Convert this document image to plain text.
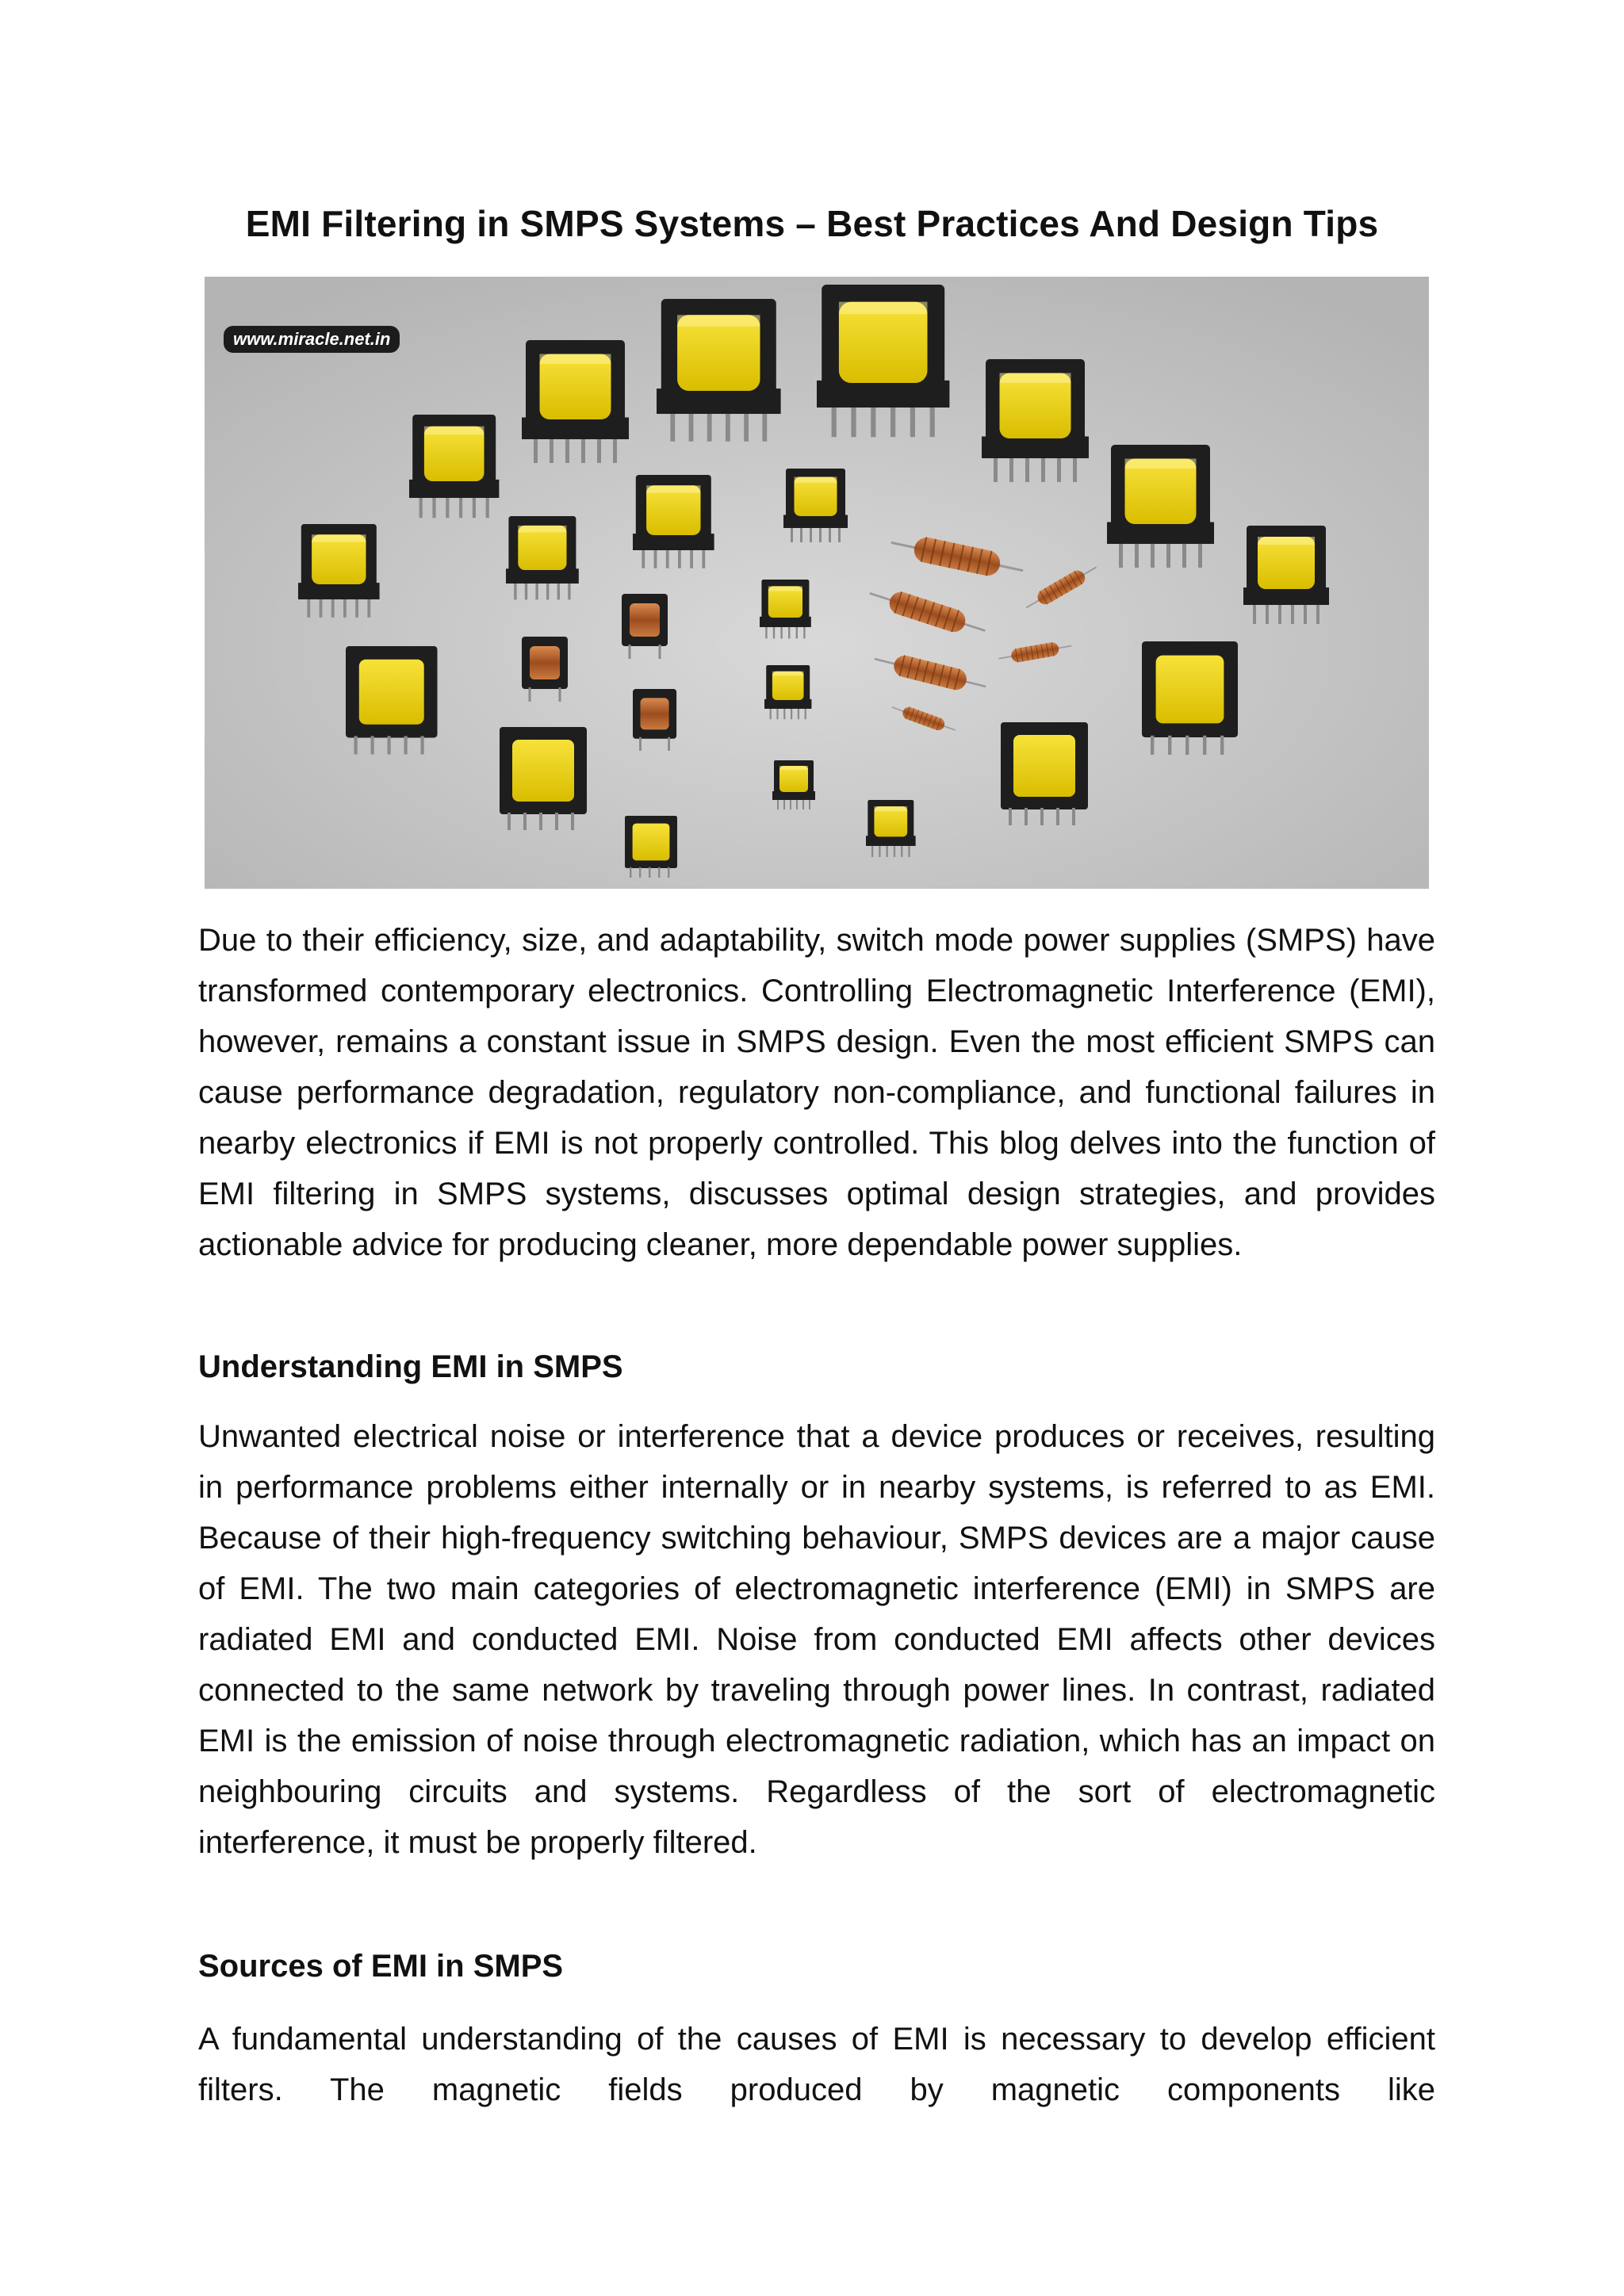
EMI Filtering in SMPS Systems – Best Practices And Design Tips
www.miracle.net.in
Due to their efficiency, size, and adaptability, switch mode power supplies (SMPS) have transformed contemporary electronics. Controlling Electromagnetic Interference (EMI), however, remains a constant issue in SMPS design. Even the most efficient SMPS can cause performance degradation, regulatory non-compliance, and functional failures in nearby electronics if EMI is not properly controlled. This blog delves into the function of EMI filtering in SMPS systems, discusses optimal design strategies, and provides actionable advice for producing cleaner, more dependable power supplies.
Understanding EMI in SMPS
Unwanted electrical noise or interference that a device produces or receives, resulting in performance problems either internally or in nearby systems, is referred to as EMI. Because of their high-frequency switching behaviour, SMPS devices are a major cause of EMI. The two main categories of electromagnetic interference (EMI) in SMPS are radiated EMI and conducted EMI. Noise from conducted EMI affects other devices connected to the same network by traveling through power lines. In contrast, radiated EMI is the emission of noise through electromagnetic radiation, which has an impact on neighbouring circuits and systems. Regardless of the sort of electromagnetic interference, it must be properly filtered.
Sources of EMI in SMPS
A fundamental understanding of the causes of EMI is necessary to develop efficient filters. The magnetic fields produced by magnetic components like
